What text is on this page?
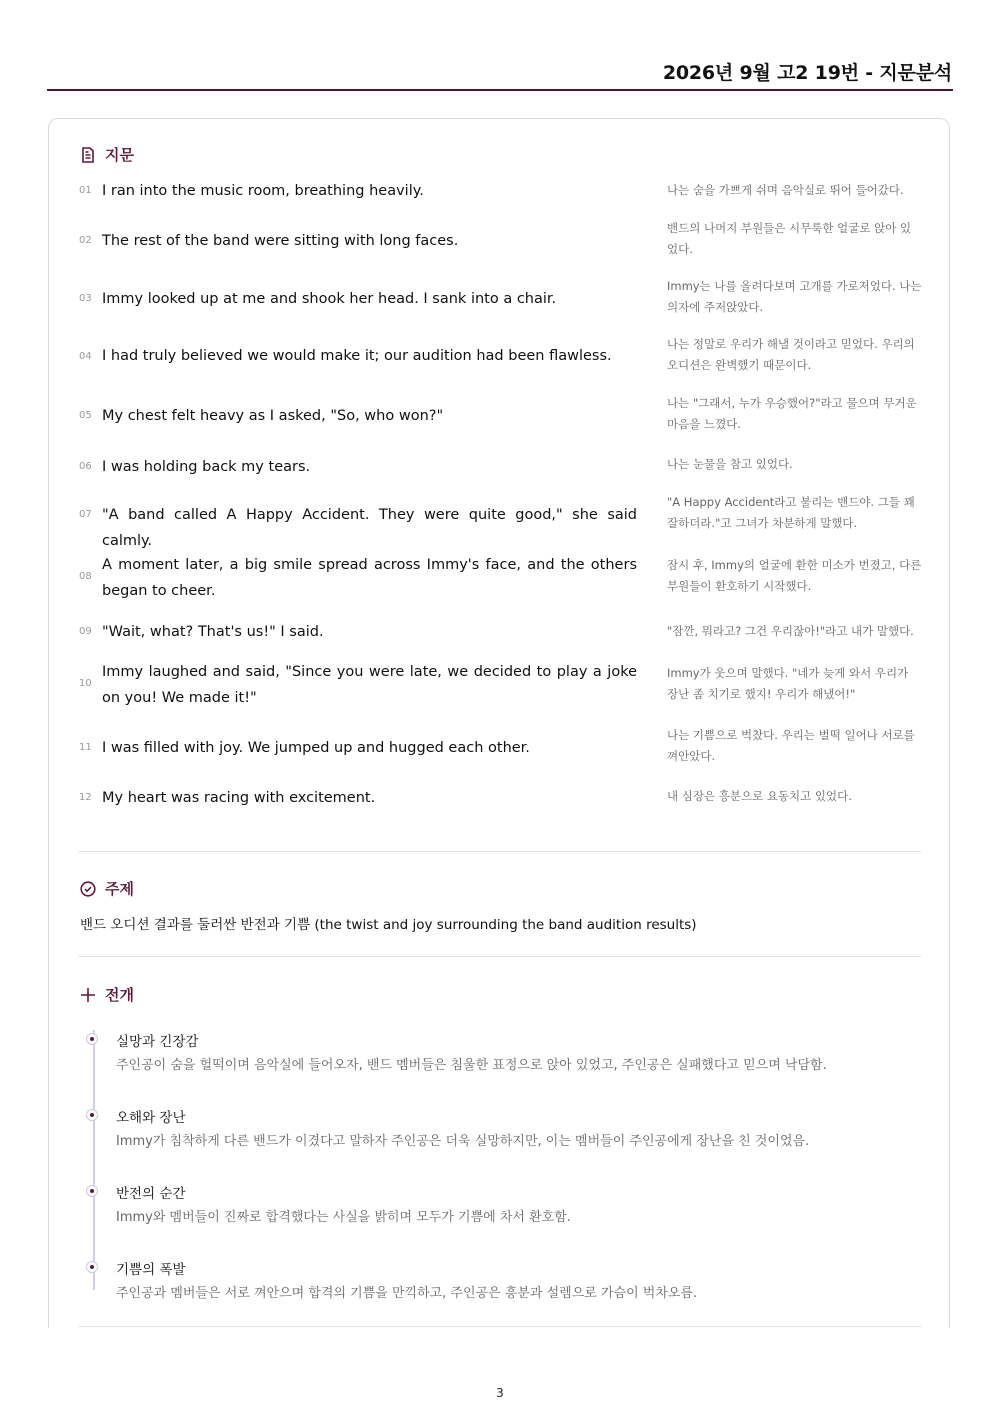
2026년 9월 고2 19번 - 지문분석
지문
01 I ran into the music room, breathing heavily.	나는 숨을 가쁘게 쉬며 음악실로 뛰어 들어갔다.
02 The rest of the band were sitting with long faces.
밴드의 나머지 부원들은 시무룩한 얼굴로 앉아 있었다.
03 Immy looked up at me and shook her head. I sank into a chair.
Immy는 나를 올려다보며 고개를 가로저었다. 나는 의자에 주저앉았다.
04 I had truly believed we would make it; our audition had been flawless.
나는 정말로 우리가 해낼 것이라고 믿었다. 우리의 오디션은 완벽했기 때문이다.
05 My chest felt heavy as I asked, "So, who won?"
나는 "그래서, 누가 우승했어?"라고 물으며 무거운 마음을 느꼈다.
06 I was holding back my tears.	나는 눈물을 참고 있었다.
07 "A band called A Happy Accident. They were quite good," she said calmly.
"A Happy Accident라고 불리는 밴드야. 그들 꽤 잘하더라."고 그녀가 차분하게 말했다.
08
A moment later, a big smile spread across Immy's face, and the others began to cheer.
잠시 후, Immy의 얼굴에 환한 미소가 번졌고, 다른 부원들이 환호하기 시작했다.
09 "Wait, what? That's us!" I said.	"잠깐, 뭐라고? 그건 우리잖아!"라고 내가 말했다.
10
Immy laughed and said, "Since you were late, we decided to play a joke on you! We made it!"
Immy가 웃으며 말했다. "네가 늦게 와서 우리가 장난 좀 치기로 했지! 우리가 해냈어!"
11 I was filled with joy. We jumped up and hugged each other.
나는 기쁨으로 벅찼다. 우리는 벌떡 일어나 서로를 껴안았다.
12 My heart was racing with excitement.	내 심장은 흥분으로 요동치고 있었다.
주제
밴드 오디션 결과를 둘러싼 반전과 기쁨 (the twist and joy surrounding the band audition results)
전개
실망과 긴장감
주인공이 숨을 헐떡이며 음악실에 들어오자, 밴드 멤버들은 침울한 표정으로 앉아 있었고, 주인공은 실패했다고 믿으며 낙담함.
오해와 장난
Immy가 침착하게 다른 밴드가 이겼다고 말하자 주인공은 더욱 실망하지만, 이는 멤버들이 주인공에게 장난을 친 것이었음.
반전의 순간
Immy와 멤버들이 진짜로 합격했다는 사실을 밝히며 모두가 기쁨에 차서 환호함.
기쁨의 폭발
주인공과 멤버들은 서로 껴안으며 합격의 기쁨을 만끽하고, 주인공은 흥분과 설렘으로 가슴이 벅차오름.
3
